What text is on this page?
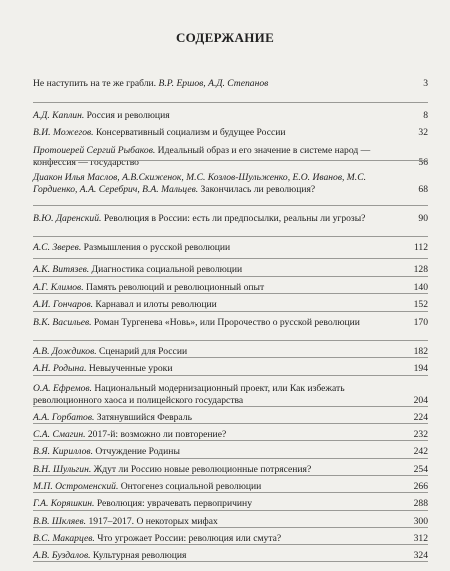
СОДЕРЖАНИЕ
Не наступить на те же грабли. В.Р. Ершов, А.Д. Степанов	3
А.Д. Каплин. Россия и революция	8
В.И. Можегов. Консервативный социализм и будущее России	32
Протоиерей Сергий Рыбаков. Идеальный образ и его значение в системе народ — конфессия — государство	56
Диакон Илья Маслов, А.В.Скиженок, М.С. Козлов-Шульженко, Е.О. Иванов, М.С. Гордиенко, А.А. Серебрич, В.А. Мальцев. Закончилась ли революция?	68
В.Ю. Даренский. Революция в России: есть ли предпосылки, реальны ли угрозы?	90
А.С. Зверев. Размышления о русской революции	112
А.К. Витязев. Диагностика социальной революции	128
А.Г. Климов. Память революций и революционный опыт	140
А.И. Гончаров. Карнавал и илоты революции	152
В.К. Васильев. Роман Тургенева «Новь», или Пророчество о русской революции	170
А.В. Дождиков. Сценарий для России	182
А.Н. Родына. Невыученные уроки	194
О.А. Ефремов. Национальный модернизационный проект, или Как избежать революционного хаоса и полицейского государства	204
А.А. Горбатов. Затянувшийся Февраль	224
С.А. Смагин. 2017-й: возможно ли повторение?	232
В.Я. Кириллов. Отчуждение Родины	242
В.Н. Шульгин. Ждут ли Россию новые революционные потрясения?	254
М.П. Остроменский. Онтогенез социальной революции	266
Г.А. Коряшкин. Революция: уврачевать первопричину	288
В.В. Шкляев. 1917–2017. О некоторых мифах	300
В.С. Макарцев. Что угрожает России: революция или смута?	312
А.В. Буздалов. Культурная революция	324
